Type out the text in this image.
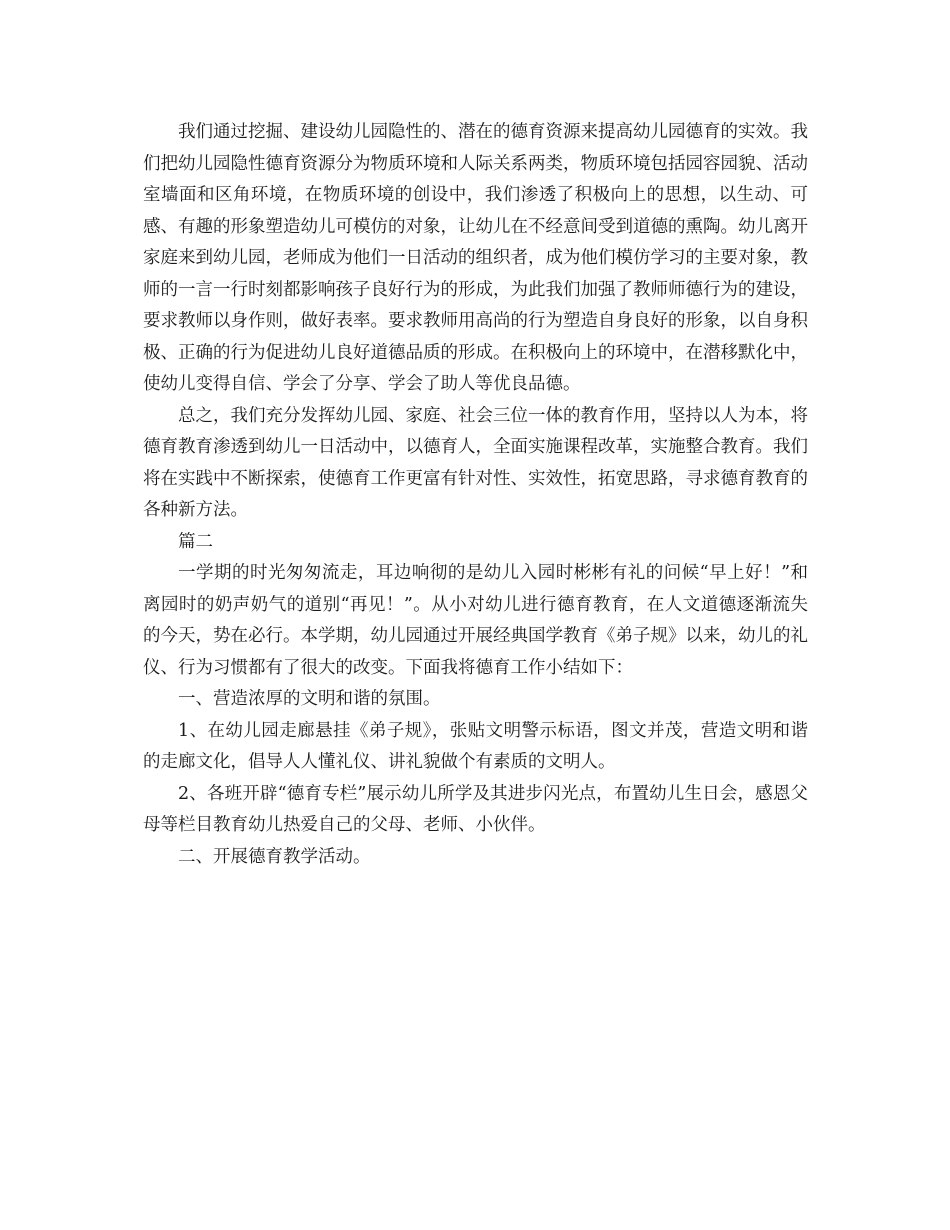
我们通过挖掘、建设幼儿园隐性的、潜在的德育资源来提高幼儿园德育的实效。我们把幼儿园隐性德育资源分为物质环境和人际关系两类，物质环境包括园容园貌、活动室墙面和区角环境，在物质环境的创设中，我们渗透了积极向上的思想，以生动、可感、有趣的形象塑造幼儿可模仿的对象，让幼儿在不经意间受到道德的熏陶。幼儿离开家庭来到幼儿园，老师成为他们一日活动的组织者，成为他们模仿学习的主要对象，教师的一言一行时刻都影响孩子良好行为的形成，为此我们加强了教师师德行为的建设，要求教师以身作则，做好表率。要求教师用高尚的行为塑造自身良好的形象，以自身积极、正确的行为促进幼儿良好道德品质的形成。在积极向上的环境中，在潜移默化中，使幼儿变得自信、学会了分享、学会了助人等优良品德。

总之，我们充分发挥幼儿园、家庭、社会三位一体的教育作用，坚持以人为本，将德育教育渗透到幼儿一日活动中，以德育人，全面实施课程改革，实施整合教育。我们将在实践中不断探索，使德育工作更富有针对性、实效性，拓宽思路，寻求德育教育的各种新方法。

篇二

一学期的时光匆匆流走，耳边响彻的是幼儿入园时彬彬有礼的问候“早上好！”和离园时的奶声奶气的道别“再见！”。从小对幼儿进行德育教育，在人文道德逐渐流失的今天，势在必行。本学期，幼儿园通过开展经典国学教育《弟子规》以来，幼儿的礼仪、行为习惯都有了很大的改变。下面我将德育工作小结如下：

一、营造浓厚的文明和谐的氛围。

1、在幼儿园走廊悬挂《弟子规》，张贴文明警示标语，图文并茂，营造文明和谐的走廊文化，倡导人人懂礼仪、讲礼貌做个有素质的文明人。

2、各班开辟“德育专栏”展示幼儿所学及其进步闪光点，布置幼儿生日会，感恩父母等栏目教育幼儿热爱自己的父母、老师、小伙伴。

二、开展德育教学活动。
